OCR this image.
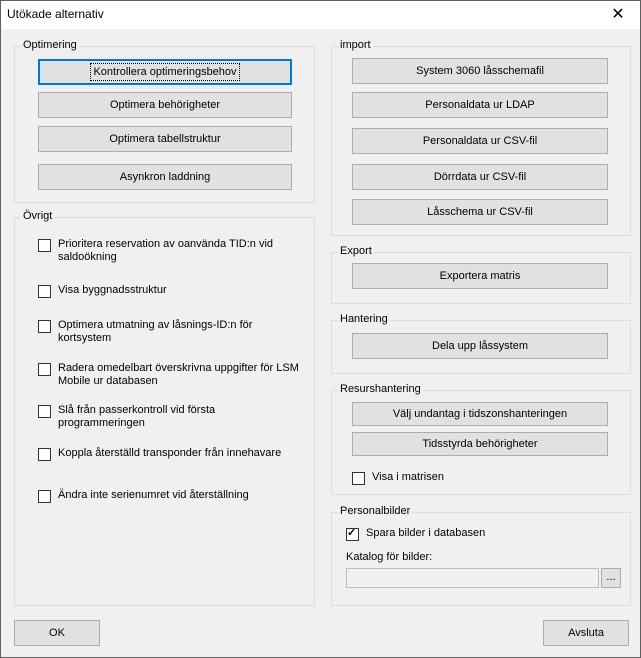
Utökade alternativ	✕
Optimering
Kontrollera optimeringsbehov
Optimera behörigheter
Optimera tabellstruktur
Asynkron laddning
Övrigt
Prioritera reservation av oanvända TID:n vid saldoökning
Visa byggnadsstruktur
Optimera utmatning av låsnings-ID:n för kortsystem
Radera omedelbart överskrivna uppgifter för LSM Mobile ur databasen
Slå från passerkontroll vid första programmeringen
Koppla återställd transponder från innehavare
Ändra inte serienumret vid återställning
import
System 3060 låsschemafil
Personaldata ur LDAP
Personaldata ur CSV-fil
Dörrdata ur CSV-fil
Låsschema ur CSV-fil
Export
Exportera matris
Hantering
Dela upp låssystem
Resurshantering
Välj undantag i tidszonshanteringen
Tidsstyrda behörigheter
Visa i matrisen
Personalbilder
✓
Spara bilder i databasen
Katalog för bilder:
...
OK	Avsluta
